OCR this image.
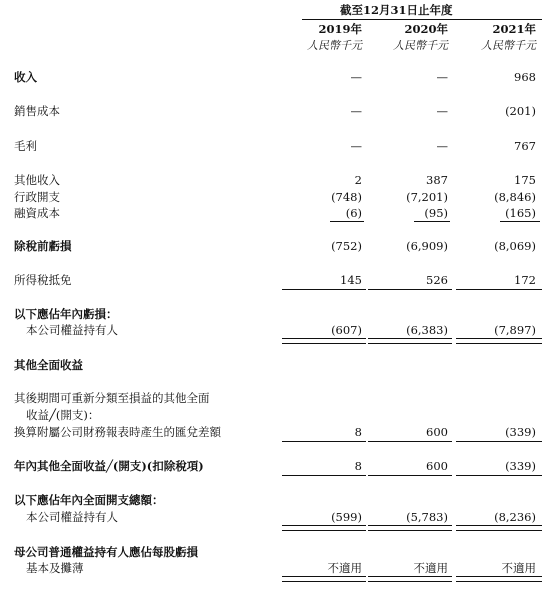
截至12月31日止年度
2019年	2020年	2021年
人民幣千元	人民幣千元	人民幣千元
收入	—	—	968
銷售成本	—	—	(201)
毛利	—	—	767
其他收入	2	387	175
行政開支	(748)	(7,201)	(8,846)
融資成本	(6)	(95)	(165)
除稅前虧損	(752)	(6,909)	(8,069)
所得稅抵免	145	526	172
以下應佔年內虧損：
本公司權益持有人	(607)	(6,383)	(7,897)
其他全面收益
其後期間可重新分類至損益的其他全面
收益╱(開支)：
換算附屬公司財務報表時產生的匯兌差額	8	600	(339)
年內其他全面收益╱(開支)(扣除稅項)	8	600	(339)
以下應佔年內全面開支總額：
本公司權益持有人	(599)	(5,783)	(8,236)
母公司普通權益持有人應佔每股虧損
基本及攤薄	不適用	不適用	不適用
